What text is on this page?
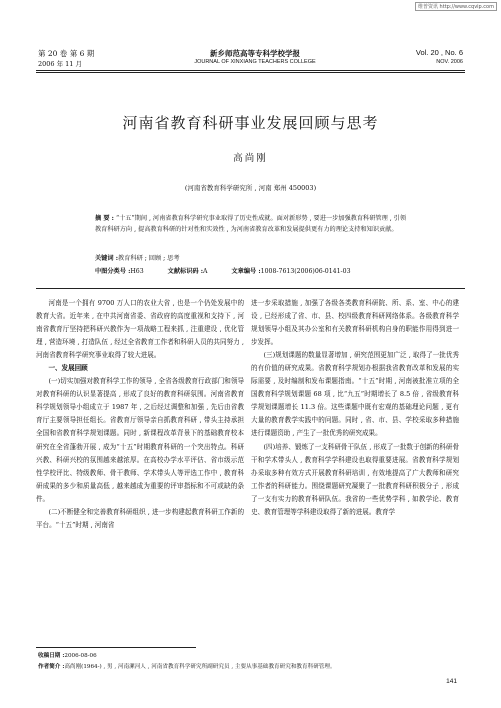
维普资讯 http://www.cqvip.com
第 20 卷 第 6 期
2006 年 11 月
新乡师范高等专科学校学报
JOURNAL OF XINXIANG TEACHERS COLLEGE
Vol. 20 , No. 6
NOV. 2006
河南省教育科研事业发展回顾与思考
高尚刚
(河南省教育科学研究所 , 河南 郑州 450003)
摘 要 : “十五”期间 , 河南省教育科学研究事业取得了历史性成就。面对新形势 , 要进一步加强教育科研管理 , 引领教育科研方向 , 提高教育科研的针对性和实效性 , 为河南省教育改革和发展提供更有力的理论支持和知识贡献。
关键词 :教育科研 ; 回顾 ; 思考
中图分类号 :H63	文献标识码 :A	文章编号 :1008-7613(2006)06-0141-03

河南是一个拥有 9700 万人口的农业大省 , 也是一个仍处发展中的教育大省。近年来 , 在中共河南省委、省政府的高度重视和支持下 , 河南省教育厅坚持把科研兴教作为一项战略工程来抓 , 注重建设 , 优化管理 , 营造环境 , 打造队伍 , 经过全省教育工作者和科研人员的共同努力 , 河南省教育科学研究事业取得了较大进展。

一、发展回顾

(一)切实加强对教育科学工作的领导 , 全省各级教育行政部门和领导对教育科研的认识显著提高 , 形成了良好的教育科研氛围。河南省教育科学规划领导小组成立于 1987 年 , 之后经过调整和加强 , 先后由省教育厅主要领导担任组长。省教育厅领导亲自抓教育科研 , 带头主持承担全国和省教育科学规划课题。同时 , 新课程改革背景下的基础教育校本研究在全省蓬勃开展 , 成为“十五”时期教育科研的一个突出特点。科研兴教、科研兴校的氛围越来越浓厚。在高校办学水平评估、省市级示范性学校评比、特级教师、骨干教师、学术带头人等评选工作中 , 教育科研成果的多少和质量高低 , 越来越成为重要的评审指标和不可或缺的条件。

(二)不断健全和完善教育科研组织 , 进一步构建起教育科研工作新的平台。“十五”时期 , 河南省

进一步采取措施 , 加强了各级各类教育科研院、所、系、室、中心的建设 , 已经形成了省、市、县、校四级教育科研网络体系。各级教育科学规划领导小组及其办公室和有关教育科研机构自身的职能作用得到进一步发挥。

(三)规划课题的数量显著增加 , 研究范围更加广泛 , 取得了一批优秀的有价值的研究成果。省教育科学规划办根据我省教育改革和发展的实际需要 , 及时编制和发布课题指南。“十五”时期 , 河南被批准立项的全国教育科学规划课题 68 项 , 比“九五”时期增长了 8.5 倍 , 省级教育科学规划课题增长 11.3 倍。这些课题中既有宏观的基础理论问题 , 更有大量的教育教学实践中的问题。同时 , 省、市、县、学校采取多种措施进行课题资助 , 产生了一批优秀的研究成果。

(四)培养、锻炼了一支科研骨干队伍 , 形成了一批数于创新的科研骨干和学术带头人 , 教育科学学科建设也取得重要进展。省教育科学规划办采取多种有效方式开展教育科研培训 , 有效地提高了广大教师和研究工作者的科研能力。围绕课题研究凝聚了一批教育科研积极分子 , 形成了一支有实力的教育科研队伍。我省的一些优势学科 , 如教学论、教育史、教育管理等学科建设取得了新的进展。教育学

收稿日期 :2006-08-06
作者简介 :高尚刚(1964-) , 男 , 河南漯河人 , 河南省教育科学研究所副研究员 , 主要从事基础教育研究和教育科研管理。
141
